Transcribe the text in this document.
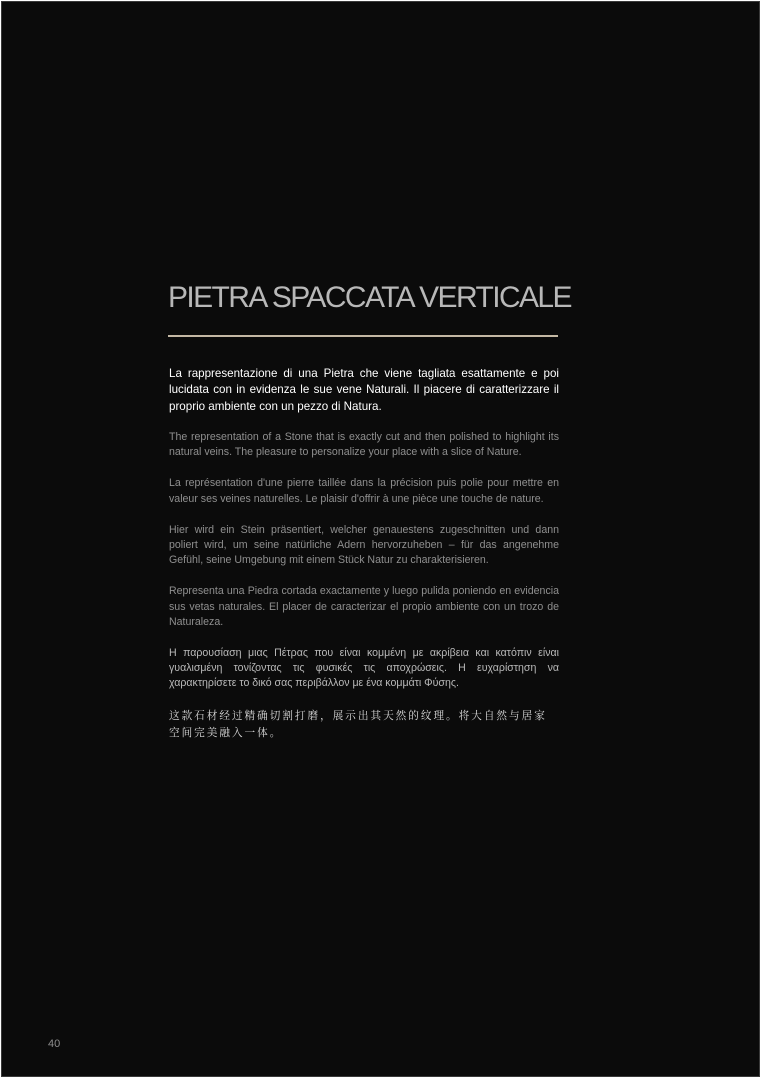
PIETRA SPACCATA VERTICALE

La rappresentazione di una Pietra che viene tagliata esattamente e poi lucidata con in evidenza le sue vene Naturali. Il piacere di caratterizzare il proprio ambiente con un pezzo di Natura.

The representation of a Stone that is exactly cut and then polished to highlight its natural veins. The pleasure to personalize your place with a slice of Nature.

La représentation d'une pierre taillée dans la précision puis polie pour mettre en valeur ses veines naturelles. Le plaisir d'offrir à une pièce une touche de nature.

Hier wird ein Stein präsentiert, welcher genauestens zugeschnitten und dann poliert wird, um seine natürliche Adern hervorzuheben – für das angenehme Gefühl, seine Umgebung mit einem Stück Natur zu charakterisieren.

Representa una Piedra cortada exactamente y luego pulida poniendo en evidencia sus vetas naturales. El placer de caracterizar el propio ambiente con un trozo de Naturaleza.

Η παρουσίαση μιας Πέτρας που είναι κομμένη με ακρίβεια και κατόπιν είναι γυαλισμένη τονίζοντας τις φυσικές τις αποχρώσεις. Η ευχαρίστηση να χαρακτηρίσετε το δικό σας περιβάλλον με ένα κομμάτι Φύσης.

这款石材经过精确切割打磨，展示出其天然的纹理。将大自然与居家空间完美融入一体。

40
